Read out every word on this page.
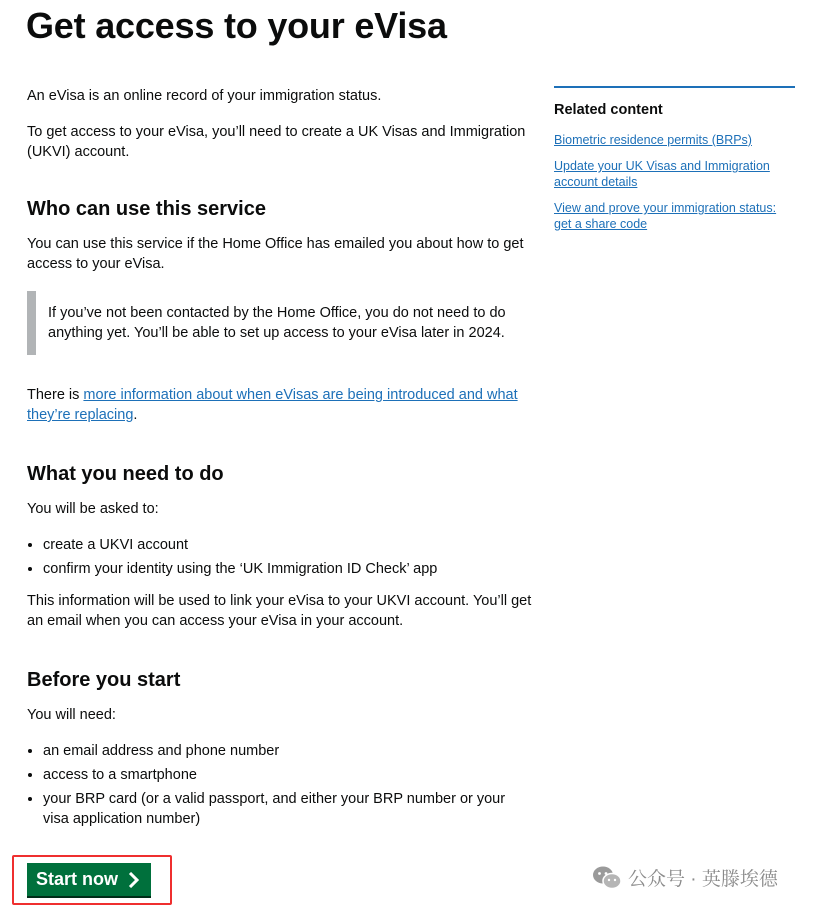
Get access to your eVisa

An eVisa is an online record of your immigration status.

To get access to your eVisa, you’ll need to create a UK Visas and Immigration (UKVI) account.

Who can use this service

You can use this service if the Home Office has emailed you about how to get access to your eVisa.

If you’ve not been contacted by the Home Office, you do not need to do anything yet. You’ll be able to set up access to your eVisa later in 2024.

There is more information about when eVisas are being introduced and what they’re replacing.

What you need to do

You will be asked to:

• create a UKVI account
• confirm your identity using the ‘UK Immigration ID Check’ app

This information will be used to link your eVisa to your UKVI account. You’ll get an email when you can access your eVisa in your account.

Before you start

You will need:

• an email address and phone number
• access to a smartphone
• your BRP card (or a valid passport, and either your BRP number or your visa application number)
Start now
Related content
Biometric residence permits (BRPs)
Update your UK Visas and Immigration account details
View and prove your immigration status: get a share code
公众号 · 英滕埃德
